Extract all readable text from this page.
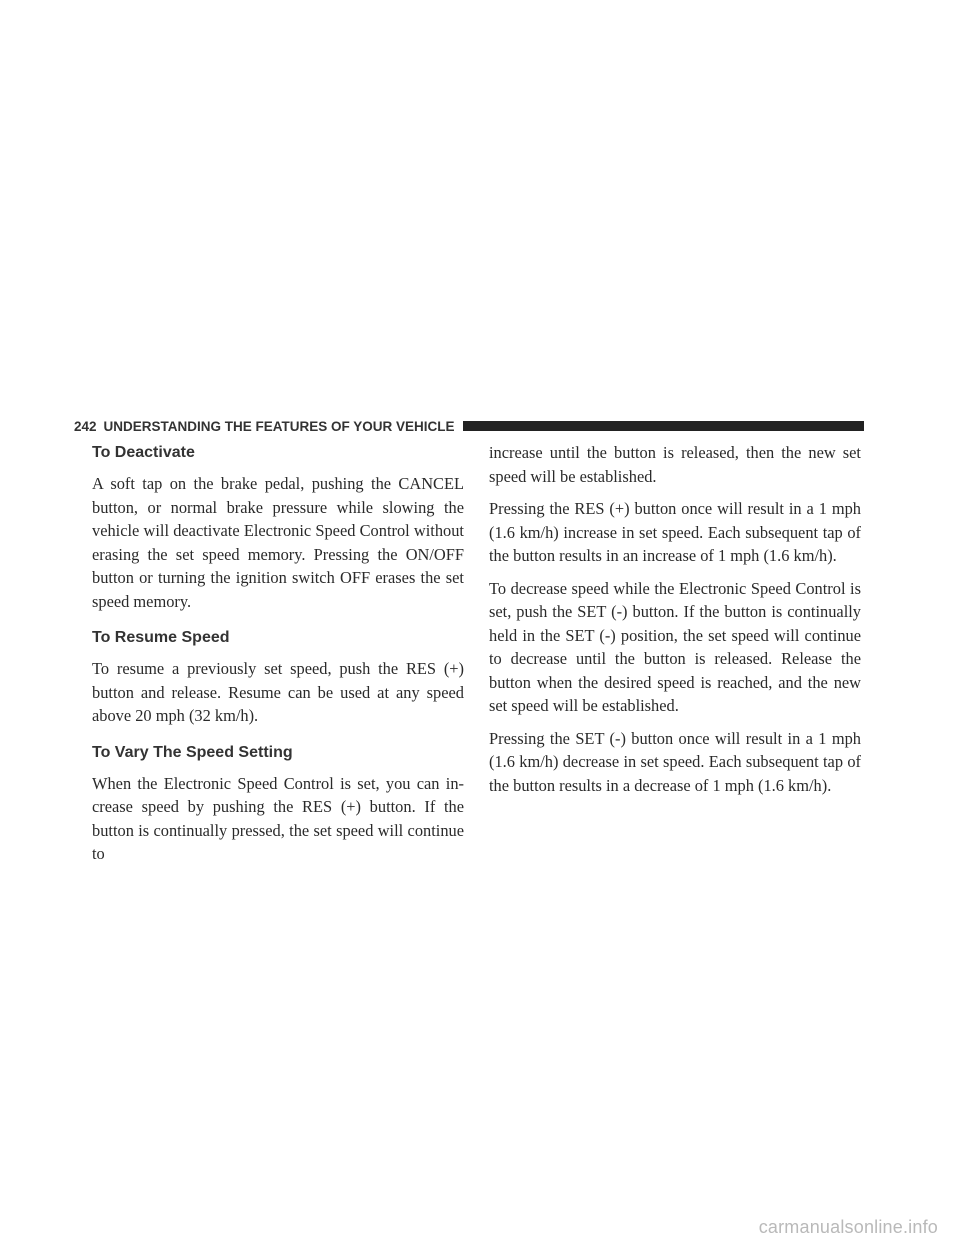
242 UNDERSTANDING THE FEATURES OF YOUR VEHICLE
To Deactivate

A soft tap on the brake pedal, pushing the CANCEL button, or normal brake pressure while slowing the vehicle will deactivate Electronic Speed Control without erasing the set speed memory. Pressing the ON/OFF button or turning the ignition switch OFF erases the set speed memory.

To Resume Speed

To resume a previously set speed, push the RES (+) button and release. Resume can be used at any speed above 20 mph (32 km/h).

To Vary The Speed Setting

When the Electronic Speed Control is set, you can in-crease speed by pushing the RES (+) button. If the button is continually pressed, the set speed will continue to

increase until the button is released, then the new set speed will be established.

Pressing the RES (+) button once will result in a 1 mph (1.6 km/h) increase in set speed. Each subsequent tap of the button results in an increase of 1 mph (1.6 km/h).

To decrease speed while the Electronic Speed Control is set, push the SET (-) button. If the button is continually held in the SET (-) position, the set speed will continue to decrease until the button is released. Release the button when the desired speed is reached, and the new set speed will be established.

Pressing the SET (-) button once will result in a 1 mph (1.6 km/h) decrease in set speed. Each subsequent tap of the button results in a decrease of 1 mph (1.6 km/h).

carmanualsonline.info
